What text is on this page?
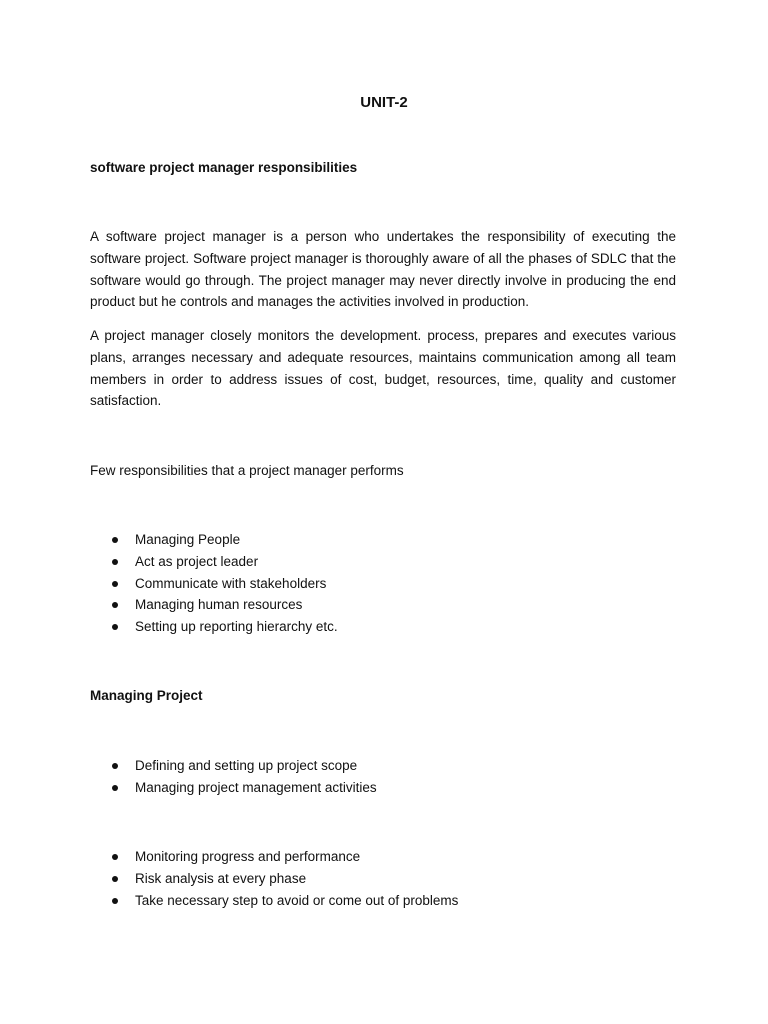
UNIT-2
software project manager responsibilities

A software project manager is a person who undertakes the responsibility of executing the software project. Software project manager is thoroughly aware of all the phases of SDLC that the software would go through. The project manager may never directly involve in producing the end product but he controls and manages the activities involved in production.

A project manager closely monitors the development. process, prepares and executes various plans, arranges necessary and adequate resources, maintains communication among all team members in order to address issues of cost, budget, resources, time, quality and customer satisfaction.

Few responsibilities that a project manager performs

Managing People
Act as project leader
Communicate with stakeholders
Managing human resources
Setting up reporting hierarchy etc.
Managing Project
Defining and setting up project scope
Managing project management activities
Monitoring progress and performance
Risk analysis at every phase
Take necessary step to avoid or come out of problems
